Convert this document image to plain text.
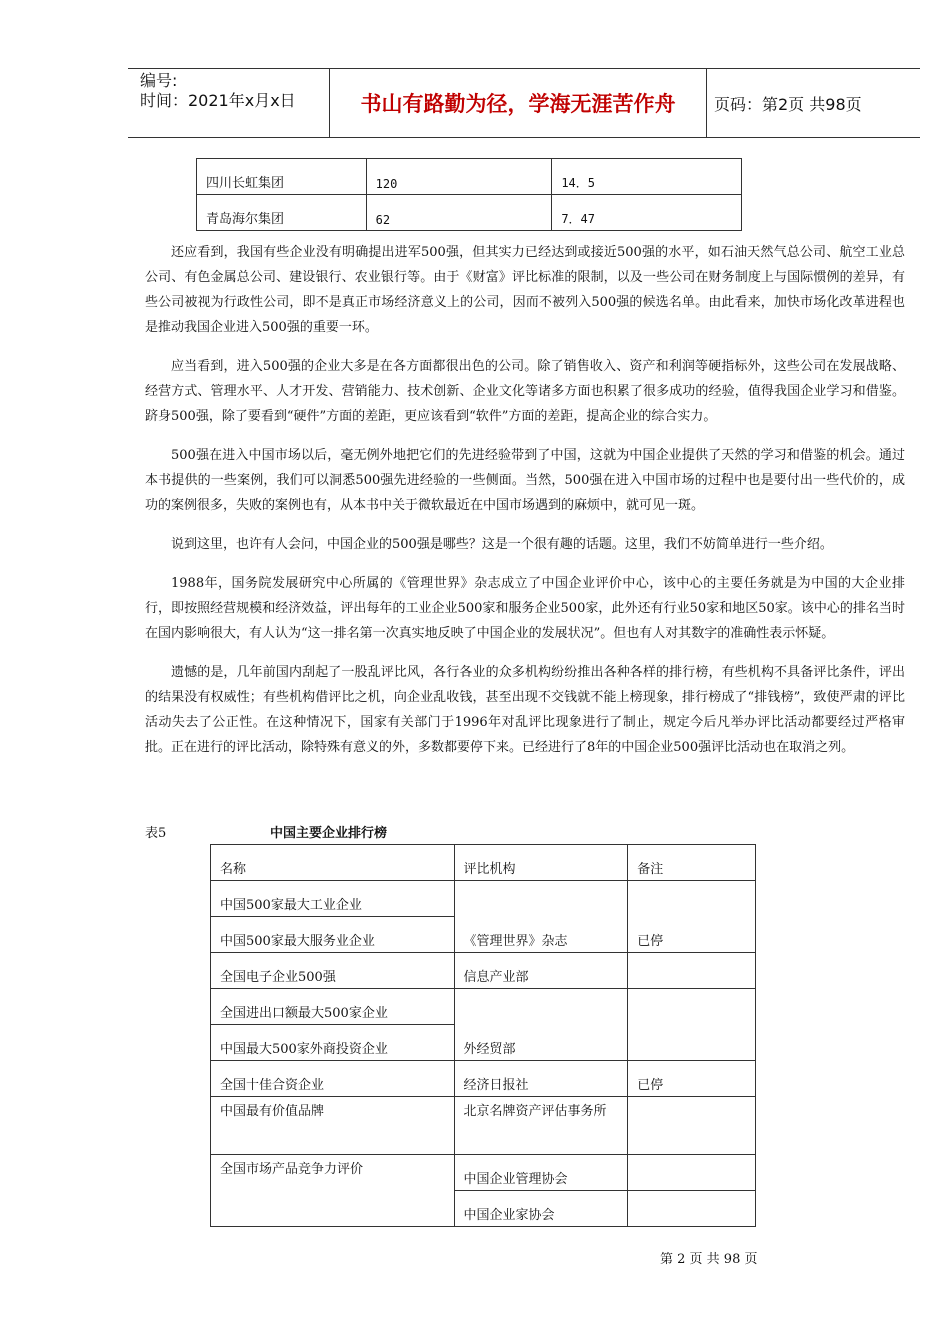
编号:
时间：2021年x月x日	书山有路勤为径，学海无涯苦作舟	页码：第2页 共98页
四川长虹集团	120	14．5
青岛海尔集团	62	7．47

还应看到，我国有些企业没有明确提出进军500强，但其实力已经达到或接近500强的水平，如石油天然气总公司、航空工业总公司、有色金属总公司、建设银行、农业银行等。由于《财富》评比标准的限制，以及一些公司在财务制度上与国际惯例的差异，有些公司被视为行政性公司，即不是真正市场经济意义上的公司，因而不被列入500强的候选名单。由此看来，加快市场化改革进程也是推动我国企业进入500强的重要一环。

应当看到，进入500强的企业大多是在各方面都很出色的公司。除了销售收入、资产和利润等硬指标外，这些公司在发展战略、经营方式、管理水平、人才开发、营销能力、技术创新、企业文化等诸多方面也积累了很多成功的经验，值得我国企业学习和借鉴。跻身500强，除了要看到“硬件”方面的差距，更应该看到“软件”方面的差距，提高企业的综合实力。

500强在进入中国市场以后，毫无例外地把它们的先进经验带到了中国，这就为中国企业提供了天然的学习和借鉴的机会。通过本书提供的一些案例，我们可以洞悉500强先进经验的一些侧面。当然，500强在进入中国市场的过程中也是要付出一些代价的，成功的案例很多，失败的案例也有，从本书中关于微软最近在中国市场遇到的麻烦中，就可见一斑。

说到这里，也许有人会问，中国企业的500强是哪些？这是一个很有趣的话题。这里，我们不妨简单进行一些介绍。

1988年，国务院发展研究中心所属的《管理世界》杂志成立了中国企业评价中心，该中心的主要任务就是为中国的大企业排行，即按照经营规模和经济效益，评出每年的工业企业500家和服务企业500家，此外还有行业50家和地区50家。该中心的排名当时在国内影响很大，有人认为“这一排名第一次真实地反映了中国企业的发展状况”。但也有人对其数字的准确性表示怀疑。

遗憾的是，几年前国内刮起了一股乱评比风，各行各业的众多机构纷纷推出各种各样的排行榜，有些机构不具备评比条件，评出的结果没有权威性；有些机构借评比之机，向企业乱收钱，甚至出现不交钱就不能上榜现象，排行榜成了“排钱榜”，致使严肃的评比活动失去了公正性。在这种情况下，国家有关部门于1996年对乱评比现象进行了制止，规定今后凡举办评比活动都要经过严格审批。正在进行的评比活动，除特殊有意义的外，多数都要停下来。已经进行了8年的中国企业500强评比活动也在取消之列。

表5	中国主要企业排行榜
名称	评比机构	备注
中国500家最大工业企业	《管理世界》杂志	已停
中国500家最大服务业企业		
全国电子企业500强	信息产业部	
全国进出口额最大500家企业	外经贸部	
中国最大500家外商投资企业		
全国十佳合资企业	经济日报社	已停
中国最有价值品牌	北京名牌资产评估事务所	
全国市场产品竞争力评价	中国企业管理协会	
	中国企业家协会	
第 2 页 共 98 页
